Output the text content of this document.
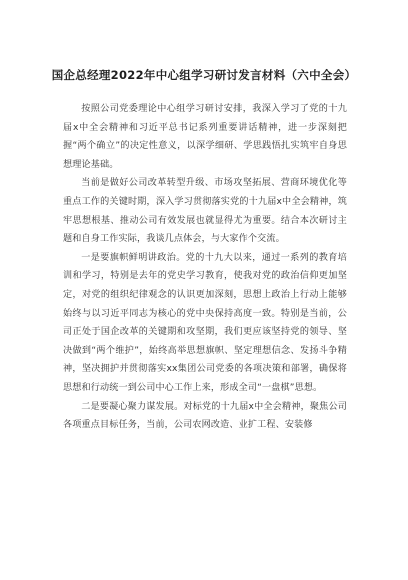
国企总经理2022年中心组学习研讨发言材料（六中全会）

按照公司党委理论中心组学习研讨安排，我深入学习了党的十九届x中全会精神和习近平总书记系列重要讲话精神，进一步深刻把握“两个确立”的决定性意义，以深学细研、学思践悟扎实筑牢自身思想理论基础。

当前是做好公司改革转型升级、市场攻坚拓展、营商环境优化等重点工作的关键时期，深入学习贯彻落实党的十九届x中全会精神，筑牢思想根基、推动公司有效发展也就显得尤为重要。结合本次研讨主题和自身工作实际，我谈几点体会，与大家作个交流。

一是要旗帜鲜明讲政治。党的十九大以来，通过一系列的教育培训和学习，特别是去年的党史学习教育，使我对党的政治信仰更加坚定，对党的组织纪律观念的认识更加深刻，思想上政治上行动上能够始终与以习近平同志为核心的党中央保持高度一致。特别是当前，公司正处于国企改革的关键期和攻坚期，我们更应该坚持党的领导、坚决做到“两个维护”，始终高举思想旗帜、坚定理想信念、发扬斗争精神，坚决拥护并贯彻落实xx集团公司党委的各项决策和部署，确保将思想和行动统一到公司中心工作上来，形成全司“一盘棋”思想。

二是要凝心聚力谋发展。对标党的十九届x中全会精神，聚焦公司各项重点目标任务，当前，公司农网改造、业扩工程、安装修
